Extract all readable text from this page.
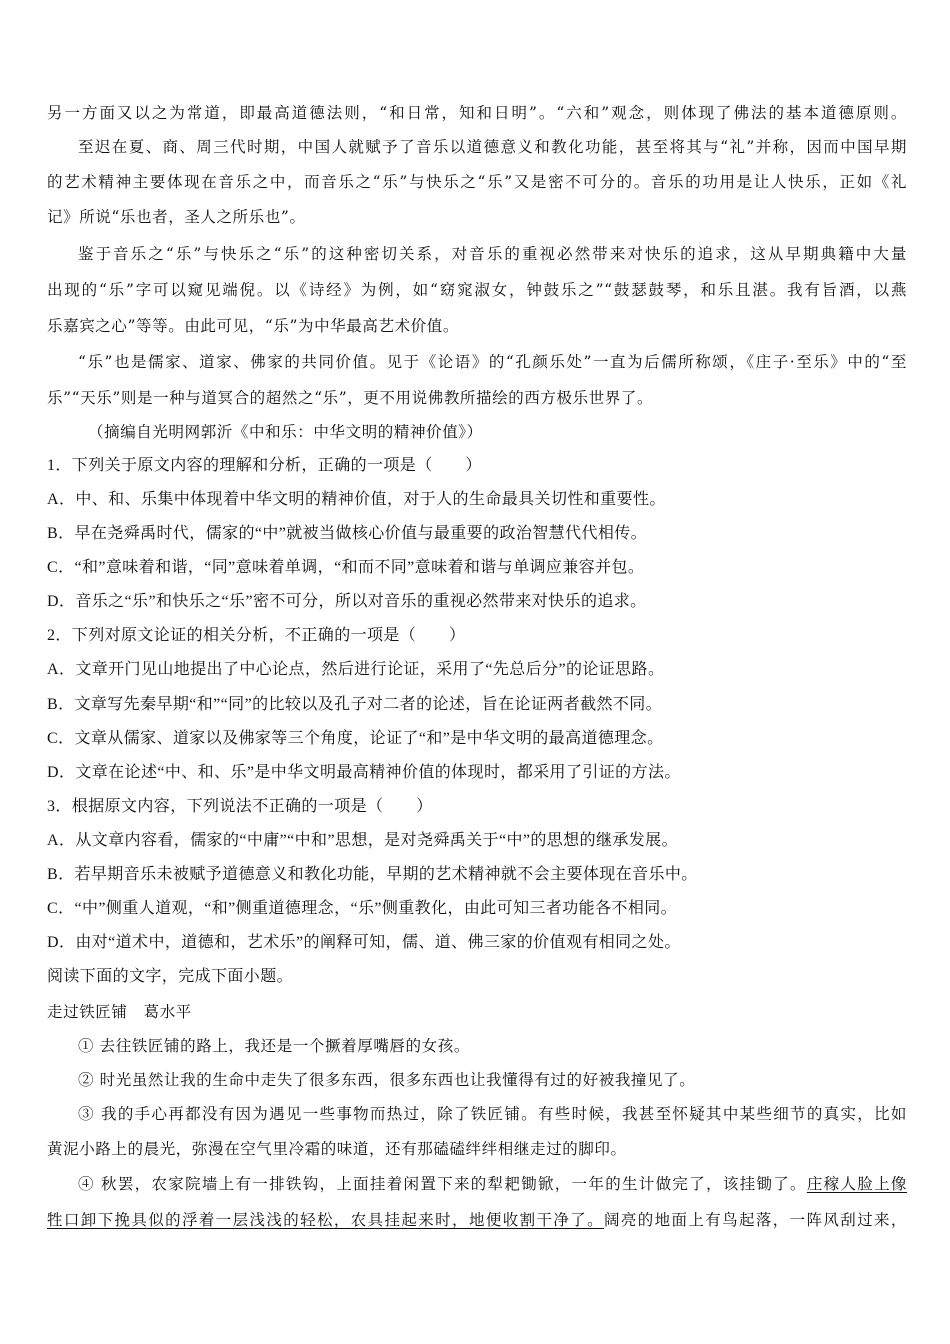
另一方面又以之为常道，即最高道德法则，“和日常，知和日明”。“六和”观念，则体现了佛法的基本道德原则。
至迟在夏、商、周三代时期，中国人就赋予了音乐以道德意义和教化功能，甚至将其与“礼”并称，因而中国早期
的艺术精神主要体现在音乐之中，而音乐之“乐”与快乐之“乐”又是密不可分的。音乐的功用是让人快乐，正如《礼
记》所说“乐也者，圣人之所乐也”。
鉴于音乐之“乐”与快乐之“乐”的这种密切关系，对音乐的重视必然带来对快乐的追求，这从早期典籍中大量
出现的“乐”字可以窥见端倪。以《诗经》为例，如“窈窕淑女，钟鼓乐之”“鼓瑟鼓琴，和乐且湛。我有旨酒，以燕
乐嘉宾之心”等等。由此可见，“乐”为中华最高艺术价值。
“乐”也是儒家、道家、佛家的共同价值。见于《论语》的“孔颜乐处”一直为后儒所称颂，《庄子·至乐》中的“至
乐”“天乐”则是一种与道冥合的超然之“乐”，更不用说佛教所描绘的西方极乐世界了。
（摘编自光明网郭沂《中和乐：中华文明的精神价值》）
1．下列关于原文内容的理解和分析，正确的一项是（　　）
A．中、和、乐集中体现着中华文明的精神价值，对于人的生命最具关切性和重要性。
B．早在尧舜禹时代，儒家的“中”就被当做核心价值与最重要的政治智慧代代相传。
C．“和”意味着和谐，“同”意味着单调，“和而不同”意味着和谐与单调应兼容并包。
D．音乐之“乐”和快乐之“乐”密不可分，所以对音乐的重视必然带来对快乐的追求。
2．下列对原文论证的相关分析，不正确的一项是（　　）
A．文章开门见山地提出了中心论点，然后进行论证，采用了“先总后分”的论证思路。
B．文章写先秦早期“和”“同”的比较以及孔子对二者的论述，旨在论证两者截然不同。
C．文章从儒家、道家以及佛家等三个角度，论证了“和”是中华文明的最高道德理念。
D．文章在论述“中、和、乐”是中华文明最高精神价值的体现时，都采用了引证的方法。
3．根据原文内容，下列说法不正确的一项是（　　）
A．从文章内容看，儒家的“中庸”“中和”思想，是对尧舜禹关于“中”的思想的继承发展。
B．若早期音乐未被赋予道德意义和教化功能，早期的艺术精神就不会主要体现在音乐中。
C．“中”侧重人道观，“和”侧重道德理念，“乐”侧重教化，由此可知三者功能各不相同。
D．由对“道术中，道德和，艺术乐”的阐释可知，儒、道、佛三家的价值观有相同之处。
阅读下面的文字，完成下面小题。
走过铁匠铺　葛水平
① 去往铁匠铺的路上，我还是一个撅着厚嘴唇的女孩。
② 时光虽然让我的生命中走失了很多东西，很多东西也让我懂得有过的好被我撞见了。
③ 我的手心再都没有因为遇见一些事物而热过，除了铁匠铺。有些时候，我甚至怀疑其中某些细节的真实，比如
黄泥小路上的晨光，弥漫在空气里冷霜的味道，还有那磕磕绊绊相继走过的脚印。
④ 秋罢，农家院墙上有一排铁钩，上面挂着闲置下来的犁耙锄锨，一年的生计做完了，该挂锄了。庄稼人脸上像
牲口卸下挽具似的浮着一层浅浅的轻松，农具挂起来时，地便收割干净了。阔亮的地面上有鸟起落，一阵风刮过来，
